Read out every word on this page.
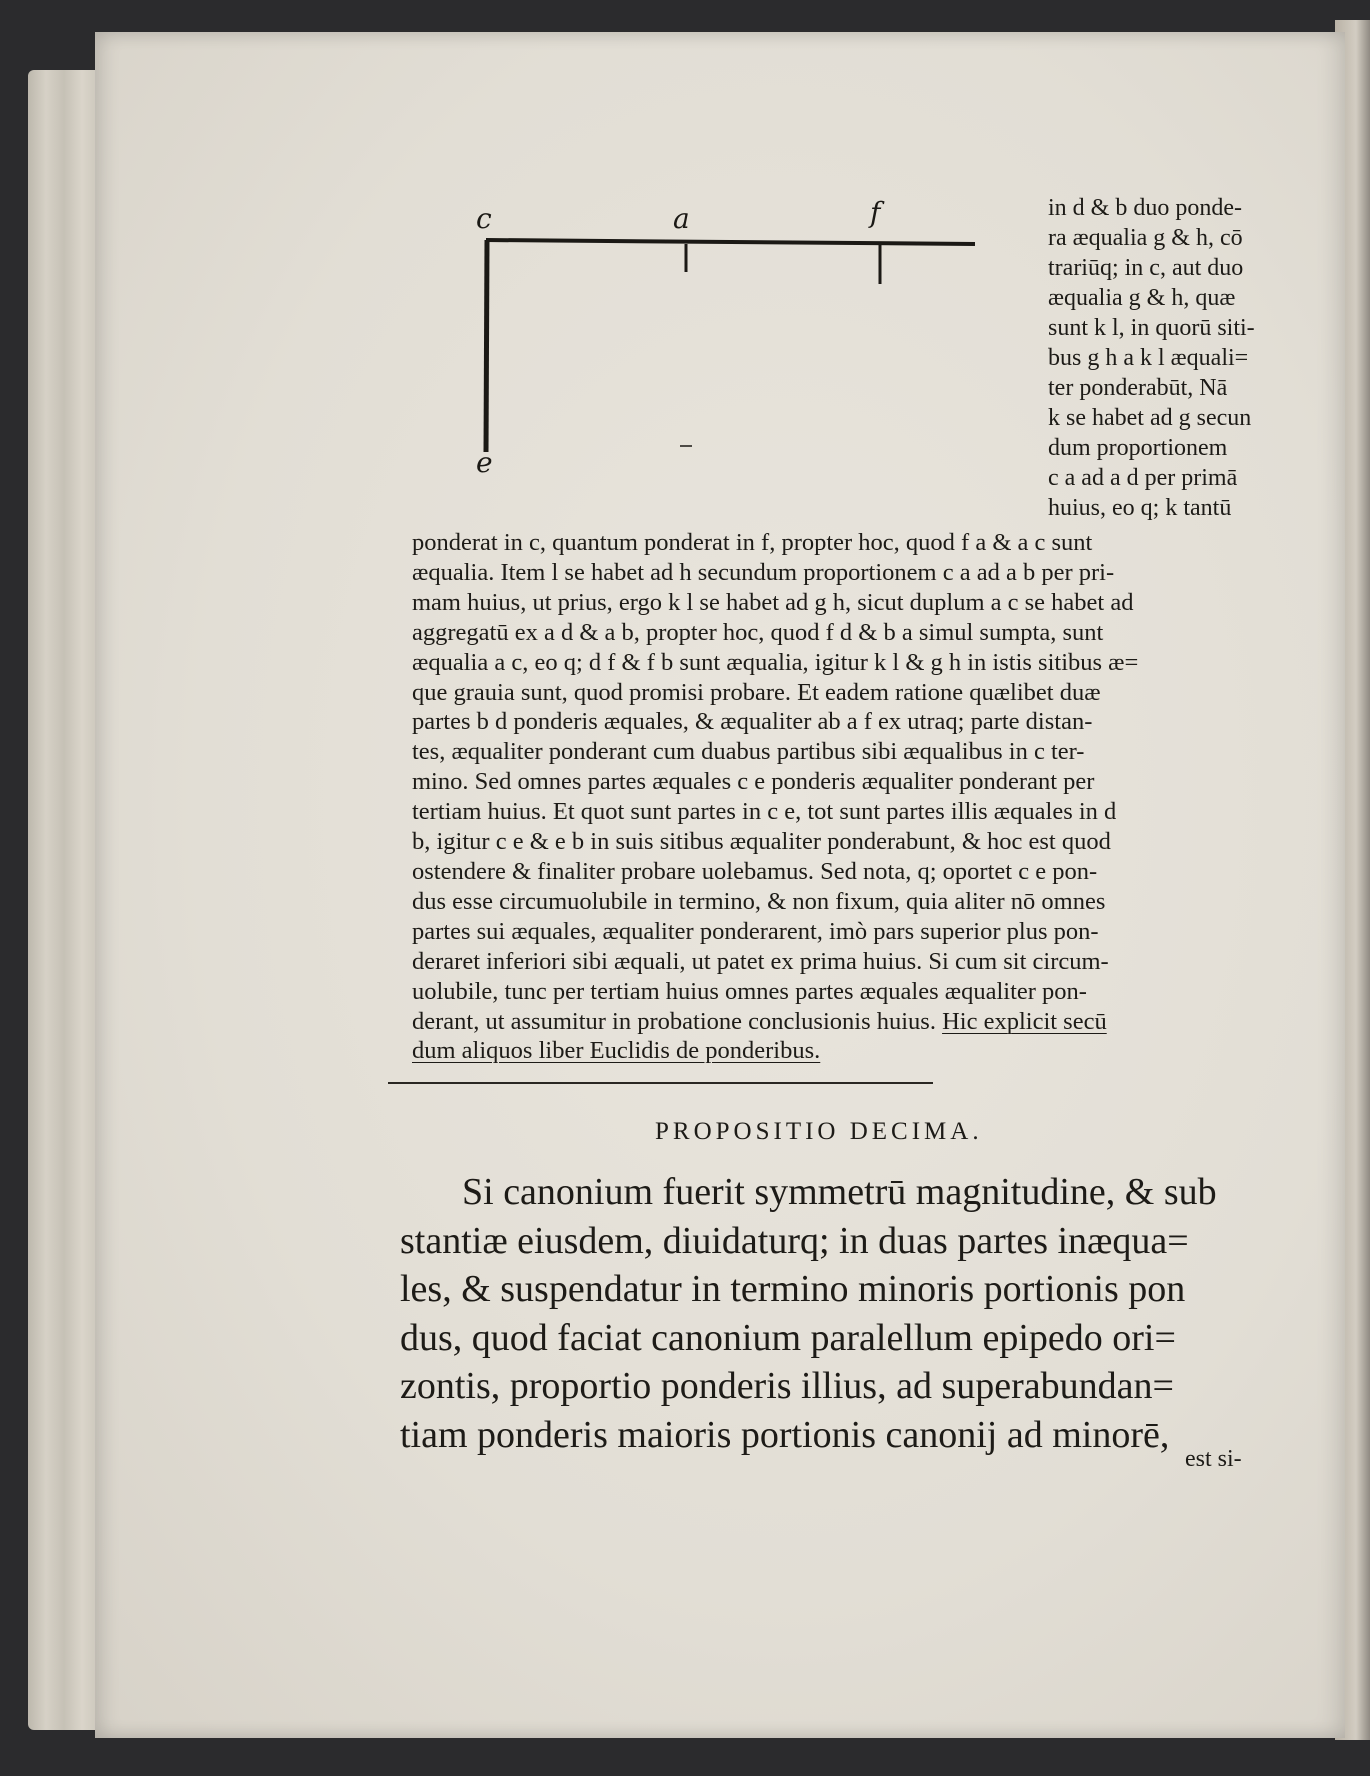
c	a	f
e
in d & b duo ponde-
ra æqualia g & h, cō
trariūq; in c, aut duo
æqualia g & h, quæ
sunt k l, in quorū siti-
bus g h a k l æquali=
ter ponderabūt, Nā
k se habet ad g secun
dum proportionem
c a ad a d per primā
huius, eo q; k tantū
ponderat in c, quantum ponderat in f, propter hoc, quod f a & a c sunt
æqualia. Item l se habet ad h secundum proportionem c a ad a b per pri-
mam huius, ut prius, ergo k l se habet ad g h, sicut duplum a c se habet ad
aggregatū ex a d & a b, propter hoc, quod f d & b a simul sumpta, sunt
æqualia a c, eo q; d f & f b sunt æqualia, igitur k l & g h in istis sitibus æ=
que grauia sunt, quod promisi probare. Et eadem ratione quælibet duæ
partes b d ponderis æquales, & æqualiter ab a f ex utraq; parte distan-
tes, æqualiter ponderant cum duabus partibus sibi æqualibus in c ter-
mino. Sed omnes partes æquales c e ponderis æqualiter ponderant per
tertiam huius. Et quot sunt partes in c e, tot sunt partes illis æquales in d
b, igitur c e & e b in suis sitibus æqualiter ponderabunt, & hoc est quod
ostendere & finaliter probare uolebamus. Sed nota, q; oportet c e pon-
dus esse circumuolubile in termino, & non fixum, quia aliter nō omnes
partes sui æquales, æqualiter ponderarent, imò pars superior plus pon-
deraret inferiori sibi æquali, ut patet ex prima huius. Si cum sit circum-
uolubile, tunc per tertiam huius omnes partes æquales æqualiter pon-
derant, ut assumitur in probatione conclusionis huius. Hic explicit secū
dum aliquos liber Euclidis de ponderibus.
PROPOSITIO DECIMA.
Si canonium fuerit symmetrū magnitudine, & sub
stantiæ eiusdem, diuidaturq; in duas partes inæqua=
les, & suspendatur in termino minoris portionis pon
dus, quod faciat canonium paralellum epipedo ori=
zontis, proportio ponderis illius, ad superabundan=
tiam ponderis maioris portionis canonij ad minorē,
est si-
